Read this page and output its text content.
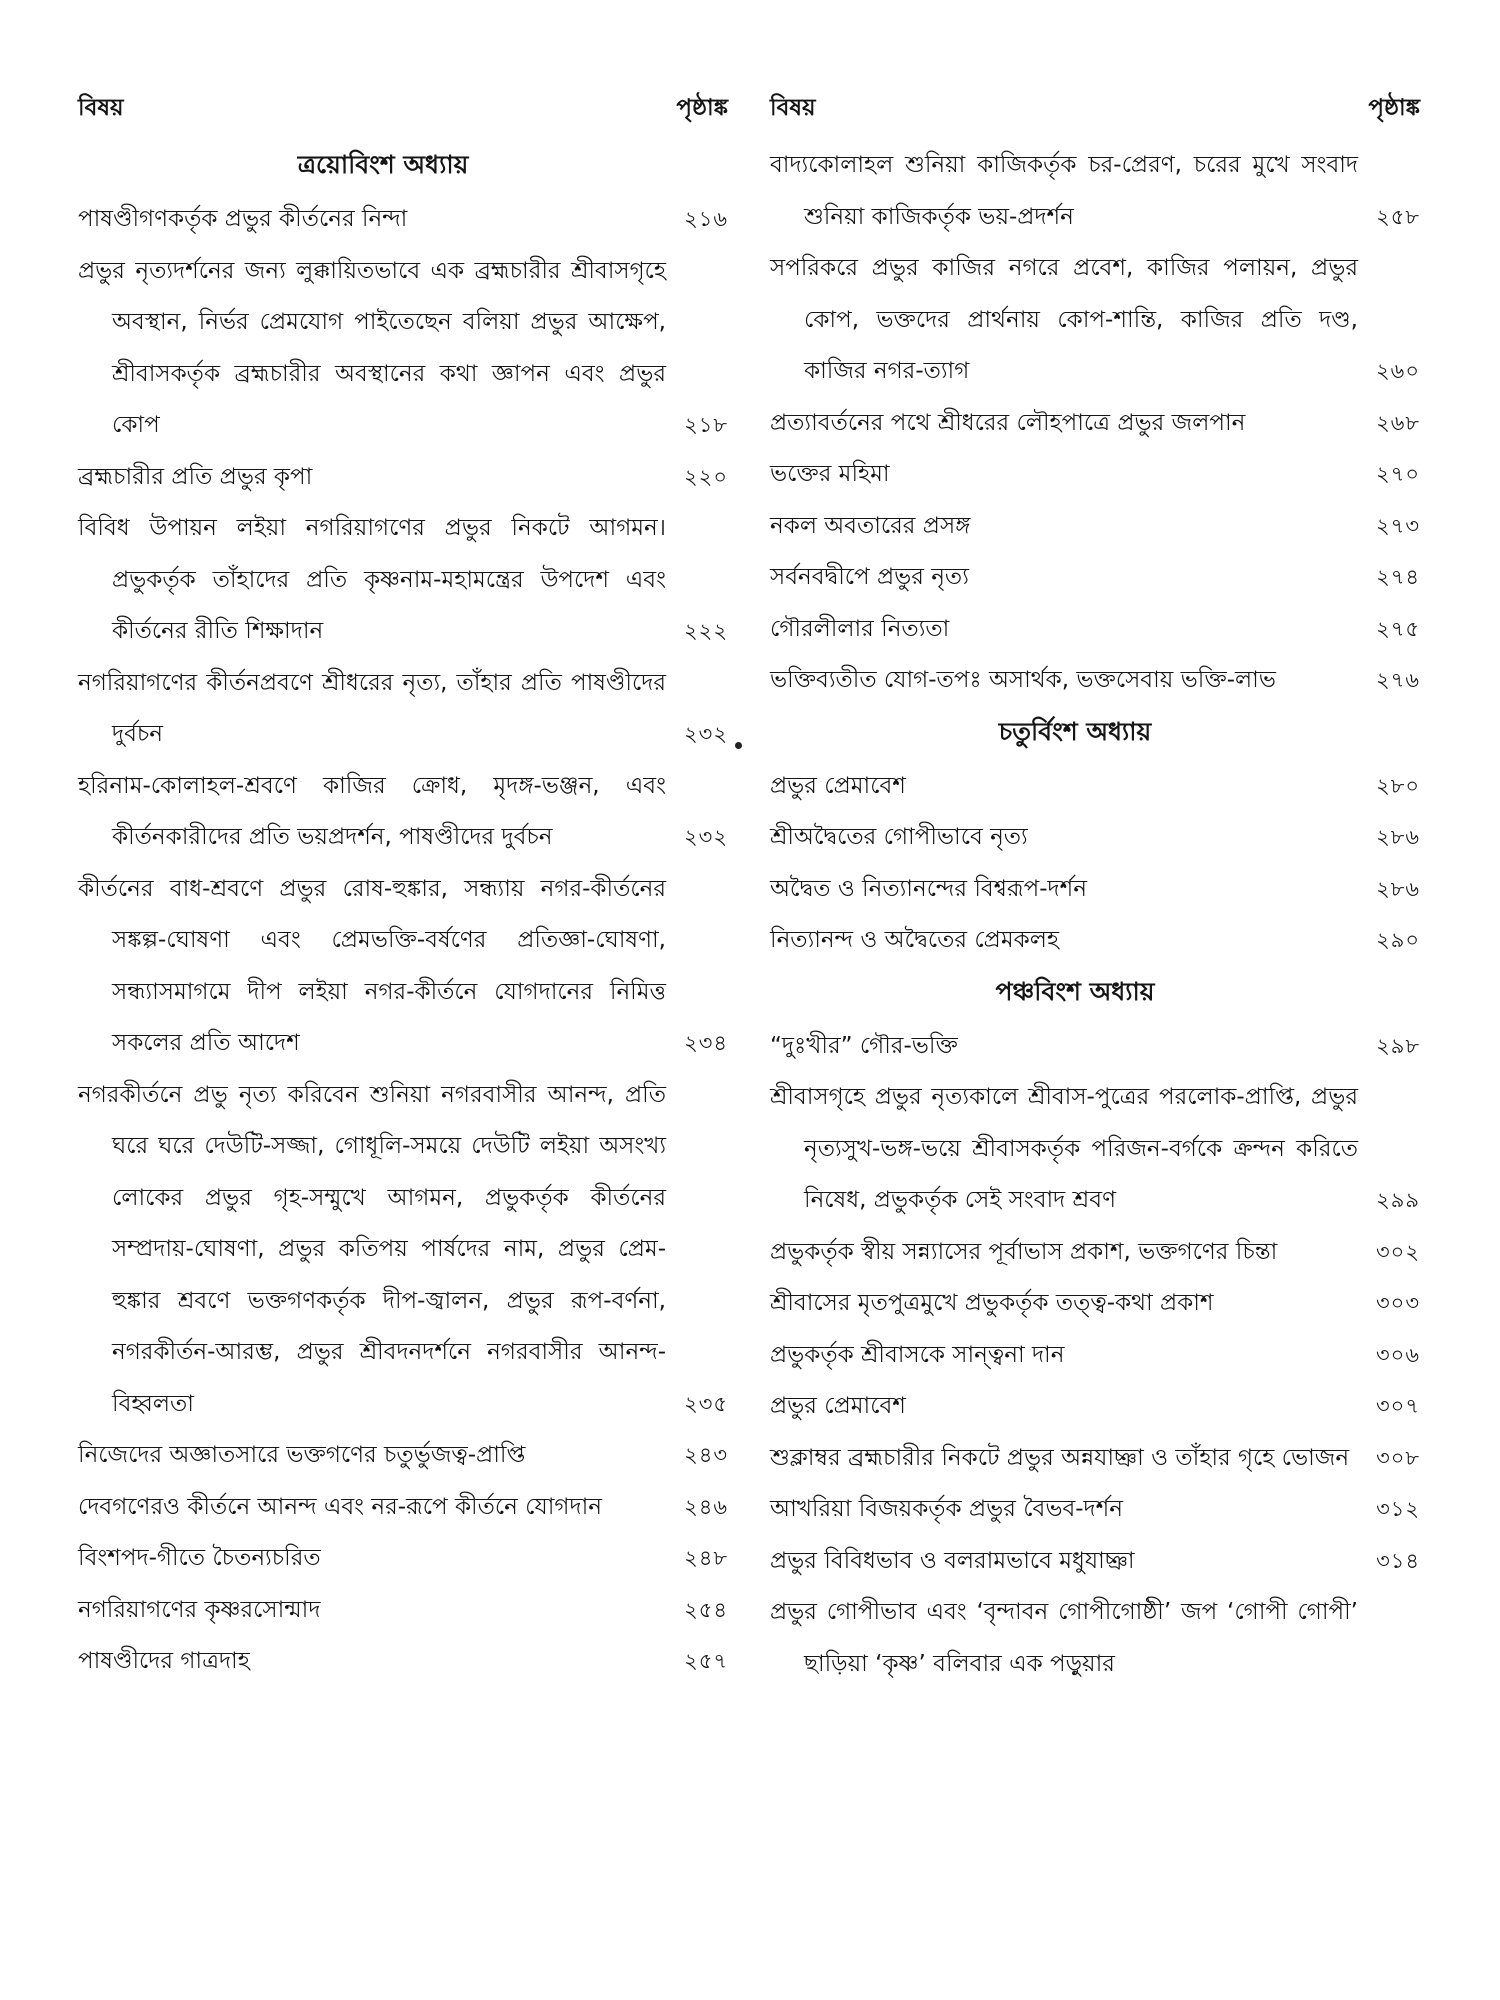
বিষয়	পৃষ্ঠাঙ্ক
ত্রয়োবিংশ অধ্যায়
পাষণ্ডীগণকর্তৃক প্রভুর কীর্তনের নিন্দা	২১৬
প্রভুর নৃত্যদর্শনের জন্য লুক্কায়িতভাবে এক ব্রহ্মচারীর শ্রীবাসগৃহে অবস্থান, নির্ভর প্রেমযোগ পাইতেছেন বলিয়া প্রভুর আক্ষেপ, শ্রীবাসকর্তৃক ব্রহ্মচারীর অবস্থানের কথা জ্ঞাপন এবং প্রভুর কোপ	২১৮
ব্রহ্মচারীর প্রতি প্রভুর কৃপা	২২০
বিবিধ উপায়ন লইয়া নগরিয়াগণের প্রভুর নিকটে আগমন। প্রভুকর্তৃক তাঁহাদের প্রতি কৃষ্ণনাম-মহামন্ত্রের উপদেশ এবং কীর্তনের রীতি শিক্ষাদান	২২২
নগরিয়াগণের কীর্তনপ্রবণে শ্রীধরের নৃত্য, তাঁহার প্রতি পাষণ্ডীদের দুর্বচন	২৩২
হরিনাম-কোলাহল-শ্রবণে কাজির ক্রোধ, মৃদঙ্গ-ভঞ্জন, এবং কীর্তনকারীদের প্রতি ভয়প্রদর্শন, পাষণ্ডীদের দুর্বচন	২৩২
কীর্তনের বাধ-শ্রবণে প্রভুর রোষ-হুঙ্কার, সন্ধ্যায় নগর-কীর্তনের সঙ্কল্প-ঘোষণা এবং প্রেমভক্তি-বর্ষণের প্রতিজ্ঞা-ঘোষণা, সন্ধ্যাসমাগমে দীপ লইয়া নগর-কীর্তনে যোগদানের নিমিত্ত সকলের প্রতি আদেশ	২৩৪
নগরকীর্তনে প্রভু নৃত্য করিবেন শুনিয়া নগরবাসীর আনন্দ, প্রতি ঘরে ঘরে দেউটি-সজ্জা, গোধূলি-সময়ে দেউটি লইয়া অসংখ্য লোকের প্রভুর গৃহ-সম্মুখে আগমন, প্রভুকর্তৃক কীর্তনের সম্প্রদায়-ঘোষণা, প্রভুর কতিপয় পার্ষদের নাম, প্রভুর প্রেম-হুঙ্কার শ্রবণে ভক্তগণকর্তৃক দীপ-জ্বালন, প্রভুর রূপ-বর্ণনা, নগরকীর্তন-আরম্ভ, প্রভুর শ্রীবদনদর্শনে নগরবাসীর আনন্দ-বিহ্বলতা	২৩৫
নিজেদের অজ্ঞাতসারে ভক্তগণের চতুর্ভুজত্ব-প্রাপ্তি	২৪৩
দেবগণেরও কীর্তনে আনন্দ এবং নর-রূপে কীর্তনে যোগদান	২৪৬
বিংশপদ-গীতে চৈতন্যচরিত	২৪৮
নগরিয়াগণের কৃষ্ণরসোন্মাদ	২৫৪
পাষণ্ডীদের গাত্রদাহ	২৫৭
বিষয়	পৃষ্ঠাঙ্ক
বাদ্যকোলাহল শুনিয়া কাজিকর্তৃক চর-প্রেরণ, চরের মুখে সংবাদ শুনিয়া কাজিকর্তৃক ভয়-প্রদর্শন	২৫৮
সপরিকরে প্রভুর কাজির নগরে প্রবেশ, কাজির পলায়ন, প্রভুর কোপ, ভক্তদের প্রার্থনায় কোপ-শান্তি, কাজির প্রতি দণ্ড, কাজির নগর-ত্যাগ	২৬০
প্রত্যাবর্তনের পথে শ্রীধরের লৌহপাত্রে প্রভুর জলপান	২৬৮
ভক্তের মহিমা	২৭০
নকল অবতারের প্রসঙ্গ	২৭৩
সর্বনবদ্বীপে প্রভুর নৃত্য	২৭৪
গৌরলীলার নিত্যতা	২৭৫
ভক্তিব্যতীত যোগ-তপঃ অসার্থক, ভক্তসেবায় ভক্তি-লাভ	২৭৬
চতুর্বিংশ অধ্যায়
প্রভুর প্রেমাবেশ	২৮০
শ্রীঅদ্বৈতের গোপীভাবে নৃত্য	২৮৬
অদ্বৈত ও নিত্যানন্দের বিশ্বরূপ-দর্শন	২৮৬
নিত্যানন্দ ও অদ্বৈতের প্রেমকলহ	২৯০
পঞ্চবিংশ অধ্যায়
“দুঃখীর” গৌর-ভক্তি	২৯৮
শ্রীবাসগৃহে প্রভুর নৃত্যকালে শ্রীবাস-পুত্রের পরলোক-প্রাপ্তি, প্রভুর নৃত্যসুখ-ভঙ্গ-ভয়ে শ্রীবাসকর্তৃক পরিজন-বর্গকে ক্রন্দন করিতে নিষেধ, প্রভুকর্তৃক সেই সংবাদ শ্রবণ	২৯৯
প্রভুকর্তৃক স্বীয় সন্ন্যাসের পূর্বাভাস প্রকাশ, ভক্তগণের চিন্তা	৩০২
শ্রীবাসের মৃতপুত্রমুখে প্রভুকর্তৃক তত্ত্ব-কথা প্রকাশ	৩০৩
প্রভুকর্তৃক শ্রীবাসকে সান্ত্বনা দান	৩০৬
প্রভুর প্রেমাবেশ	৩০৭
শুক্লাম্বর ব্রহ্মচারীর নিকটে প্রভুর অন্নযাচ্ঞা ও তাঁহার গৃহে ভোজন	৩০৮
আখরিয়া বিজয়কর্তৃক প্রভুর বৈভব-দর্শন	৩১২
প্রভুর বিবিধভাব ও বলরামভাবে মধুযাচ্ঞা	৩১৪
প্রভুর গোপীভাব এবং ‘বৃন্দাবন গোপীগোষ্ঠী’ জপ ‘গোপী গোপী’ ছাড়িয়া ‘কৃষ্ণ’ বলিবার এক পড়ুয়ার
